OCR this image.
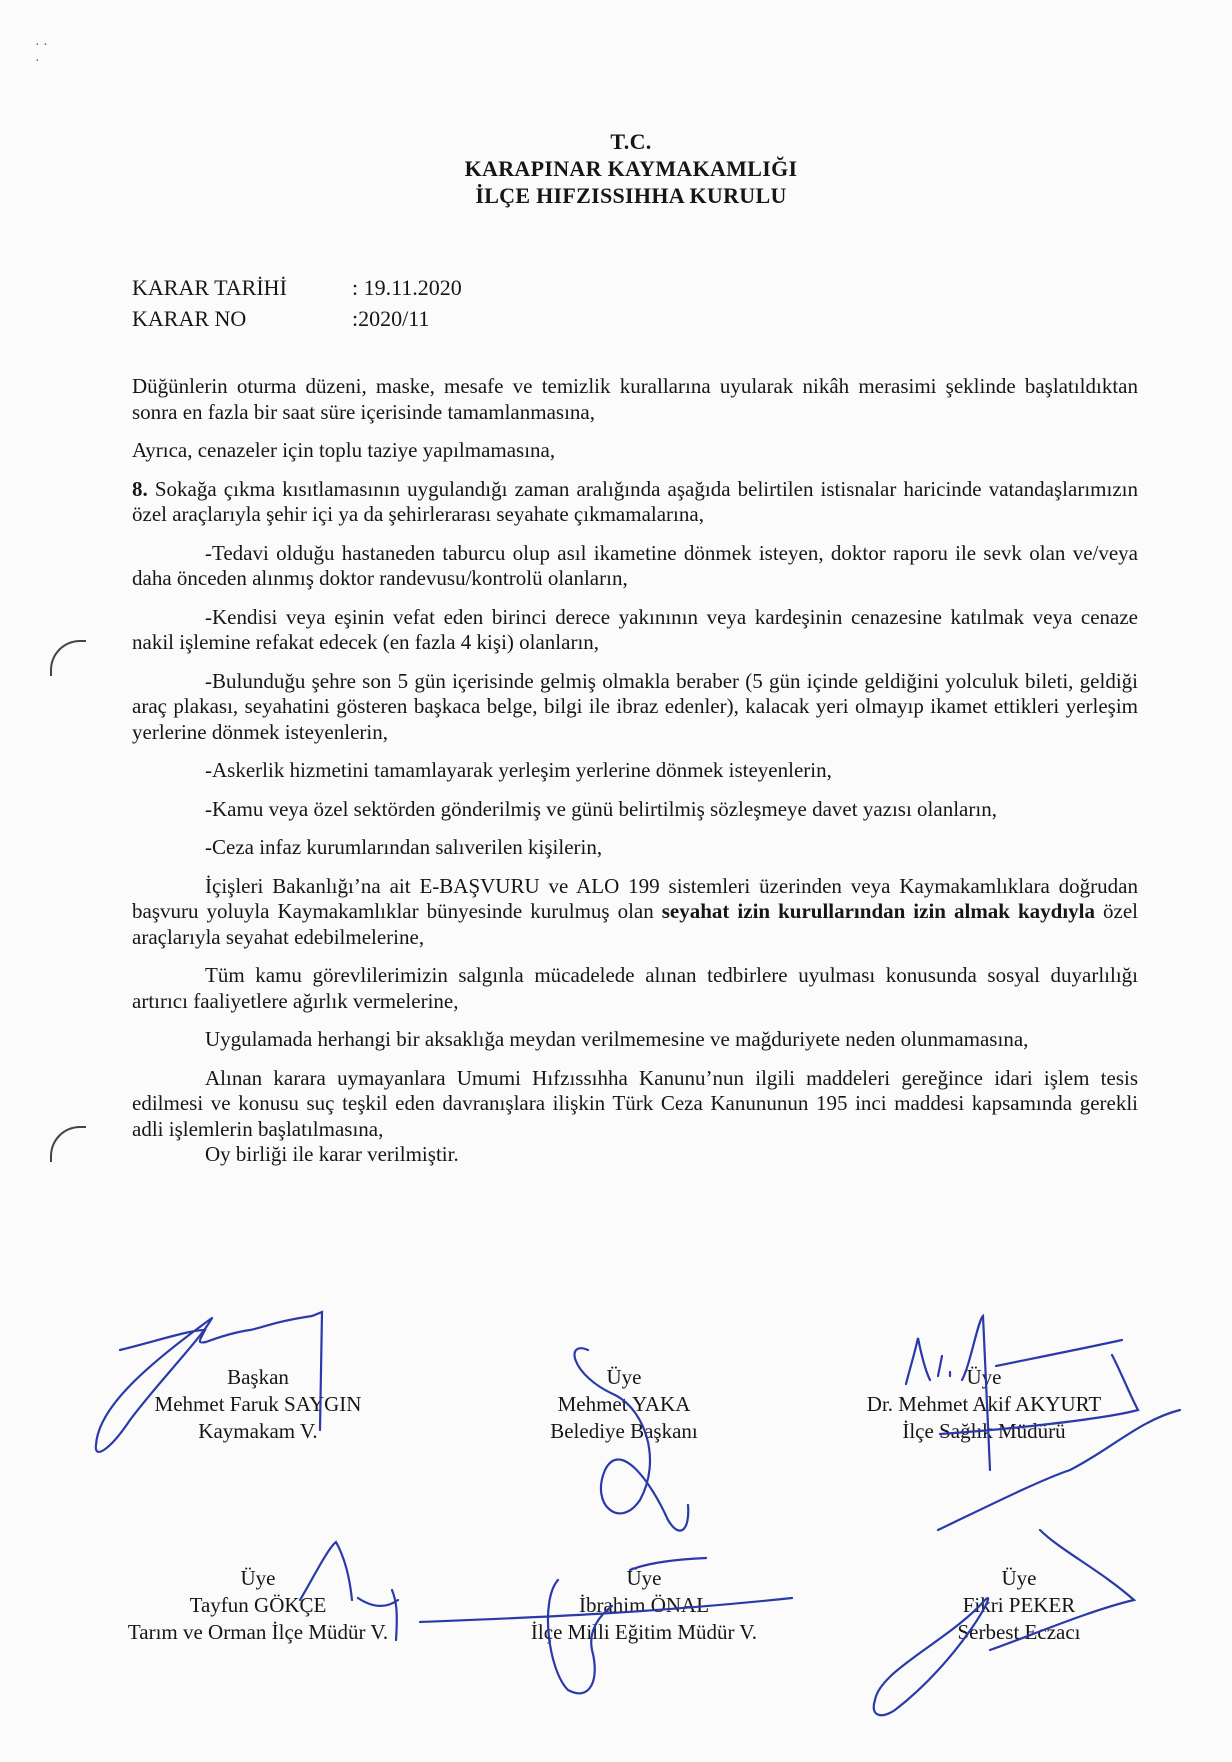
· ·
·
T.C.
KARAPINAR KAYMAKAMLIĞI
İLÇE HIFZISSIHHA KURULU
KARAR TARİHİ	: 19.11.2020
KARAR NO	:2020/11

Düğünlerin oturma düzeni, maske, mesafe ve temizlik kurallarına uyularak nikâh merasimi şeklinde başlatıldıktan sonra en fazla bir saat süre içerisinde tamamlanmasına,

Ayrıca, cenazeler için toplu taziye yapılmamasına,

8. Sokağa çıkma kısıtlamasının uygulandığı zaman aralığında aşağıda belirtilen istisnalar haricinde vatandaşlarımızın özel araçlarıyla şehir içi ya da şehirlerarası seyahate çıkmamalarına,

-Tedavi olduğu hastaneden taburcu olup asıl ikametine dönmek isteyen, doktor raporu ile sevk olan ve/veya daha önceden alınmış doktor randevusu/kontrolü olanların,

-Kendisi veya eşinin vefat eden birinci derece yakınının veya kardeşinin cenazesine katılmak veya cenaze nakil işlemine refakat edecek (en fazla 4 kişi) olanların,

-Bulunduğu şehre son 5 gün içerisinde gelmiş olmakla beraber (5 gün içinde geldiğini yolculuk bileti, geldiği araç plakası, seyahatini gösteren başkaca belge, bilgi ile ibraz edenler), kalacak yeri olmayıp ikamet ettikleri yerleşim yerlerine dönmek isteyenlerin,

-Askerlik hizmetini tamamlayarak yerleşim yerlerine dönmek isteyenlerin,

-Kamu veya özel sektörden gönderilmiş ve günü belirtilmiş sözleşmeye davet yazısı olanların,

-Ceza infaz kurumlarından salıverilen kişilerin,

İçişleri Bakanlığı’na ait E-BAŞVURU ve ALO 199 sistemleri üzerinden veya Kaymakamlıklara doğrudan başvuru yoluyla Kaymakamlıklar bünyesinde kurulmuş olan seyahat izin kurullarından izin almak kaydıyla özel araçlarıyla seyahat edebilmelerine,

Tüm kamu görevlilerimizin salgınla mücadelede alınan tedbirlere uyulması konusunda sosyal duyarlılığı artırıcı faaliyetlere ağırlık vermelerine,

Uygulamada herhangi bir aksaklığa meydan verilmemesine ve mağduriyete neden olunmamasına,

Alınan karara uymayanlara Umumi Hıfzıssıhha Kanunu’nun ilgili maddeleri gereğince idari işlem tesis edilmesi ve konusu suç teşkil eden davranışlara ilişkin Türk Ceza Kanununun 195 inci maddesi kapsamında gerekli adli işlemlerin başlatılmasına,

Oy birliği ile karar verilmiştir.

Başkan
Mehmet Faruk SAYGIN
Kaymakam V.
Üye
Mehmet YAKA
Belediye Başkanı
Üye
Dr. Mehmet Akif AKYURT
İlçe Sağlık Müdürü
Üye
Tayfun GÖKÇE
Tarım ve Orman İlçe Müdür V.
Üye
İbrahim ÖNAL
İlçe Milli Eğitim Müdür V.
Üye
Fikri PEKER
Serbest Eczacı
